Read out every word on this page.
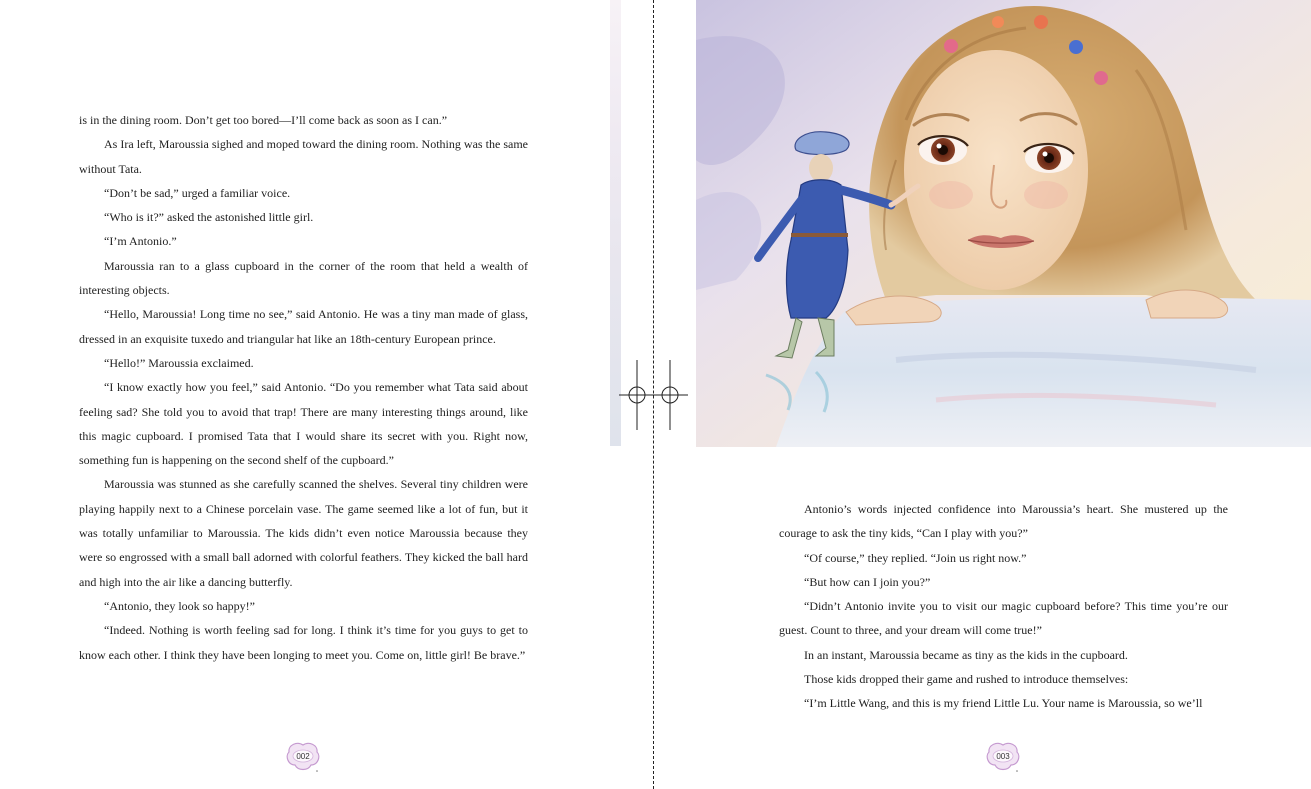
is in the dining room. Don’t get too bored—I’ll come back as soon as I can.”

As Ira left, Maroussia sighed and moped toward the dining room. Nothing was the same without Tata.

“Don’t be sad,” urged a familiar voice.

“Who is it?” asked the astonished little girl.

“I’m Antonio.”

Maroussia ran to a glass cupboard in the corner of the room that held a wealth of interesting objects.

“Hello, Maroussia! Long time no see,” said Antonio. He was a tiny man made of glass, dressed in an exquisite tuxedo and triangular hat like an 18th-century European prince.

“Hello!” Maroussia exclaimed.

“I know exactly how you feel,” said Antonio. “Do you remember what Tata said about feeling sad? She told you to avoid that trap! There are many interesting things around, like this magic cupboard. I promised Tata that I would share its secret with you. Right now, something fun is happening on the second shelf of the cupboard.”

Maroussia was stunned as she carefully scanned the shelves. Several tiny children were playing happily next to a Chinese porcelain vase. The game seemed like a lot of fun, but it was totally unfamiliar to Maroussia. The kids didn’t even notice Maroussia because they were so engrossed with a small ball adorned with colorful feathers. They kicked the ball hard and high into the air like a dancing butterfly.

“Antonio, they look so happy!”

“Indeed. Nothing is worth feeling sad for long. I think it’s time for you guys to get to know each other. I think they have been longing to meet you. Come on, little girl! Be brave.”

002

Antonio’s words injected confidence into Maroussia’s heart. She mustered up the courage to ask the tiny kids, “Can I play with you?”

“Of course,” they replied. “Join us right now.”

“But how can I join you?”

“Didn’t Antonio invite you to visit our magic cupboard before? This time you’re our guest. Count to three, and your dream will come true!”

In an instant, Maroussia became as tiny as the kids in the cupboard.

Those kids dropped their game and rushed to introduce themselves:

“I’m Little Wang, and this is my friend Little Lu. Your name is Maroussia, so we’ll

003
